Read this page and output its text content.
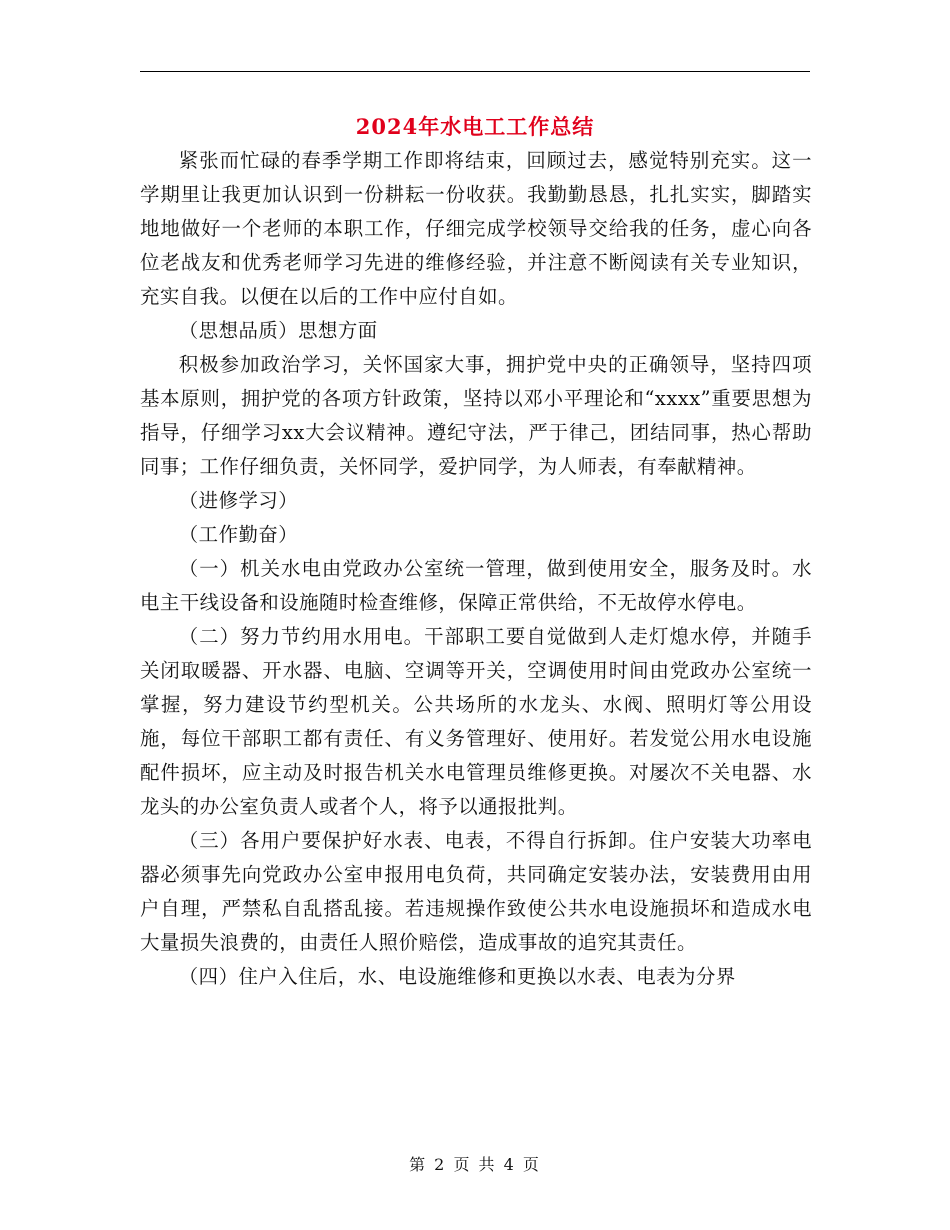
2024年水电工工作总结

紧张而忙碌的春季学期工作即将结束，回顾过去，感觉特别充实。这一学期里让我更加认识到一份耕耘一份收获。我勤勤恳恳，扎扎实实，脚踏实地地做好一个老师的本职工作，仔细完成学校领导交给我的任务，虚心向各位老战友和优秀老师学习先进的维修经验，并注意不断阅读有关专业知识，充实自我。以便在以后的工作中应付自如。

（思想品质）思想方面

积极参加政治学习，关怀国家大事，拥护党中央的正确领导，坚持四项基本原则，拥护党的各项方针政策，坚持以邓小平理论和“xxxx”重要思想为指导，仔细学习xx大会议精神。遵纪守法，严于律己，团结同事，热心帮助同事；工作仔细负责，关怀同学，爱护同学，为人师表，有奉献精神。

（进修学习）

（工作勤奋）

（一）机关水电由党政办公室统一管理，做到使用安全，服务及时。水电主干线设备和设施随时检查维修，保障正常供给，不无故停水停电。

（二）努力节约用水用电。干部职工要自觉做到人走灯熄水停，并随手关闭取暖器、开水器、电脑、空调等开关，空调使用时间由党政办公室统一掌握，努力建设节约型机关。公共场所的水龙头、水阀、照明灯等公用设施，每位干部职工都有责任、有义务管理好、使用好。若发觉公用水电设施配件损坏，应主动及时报告机关水电管理员维修更换。对屡次不关电器、水龙头的办公室负责人或者个人，将予以通报批判。

（三）各用户要保护好水表、电表，不得自行拆卸。住户安装大功率电器必须事先向党政办公室申报用电负荷，共同确定安装办法，安装费用由用户自理，严禁私自乱搭乱接。若违规操作致使公共水电设施损坏和造成水电大量损失浪费的，由责任人照价赔偿，造成事故的追究其责任。

（四）住户入住后，水、电设施维修和更换以水表、电表为分界

第 2 页 共 4 页
